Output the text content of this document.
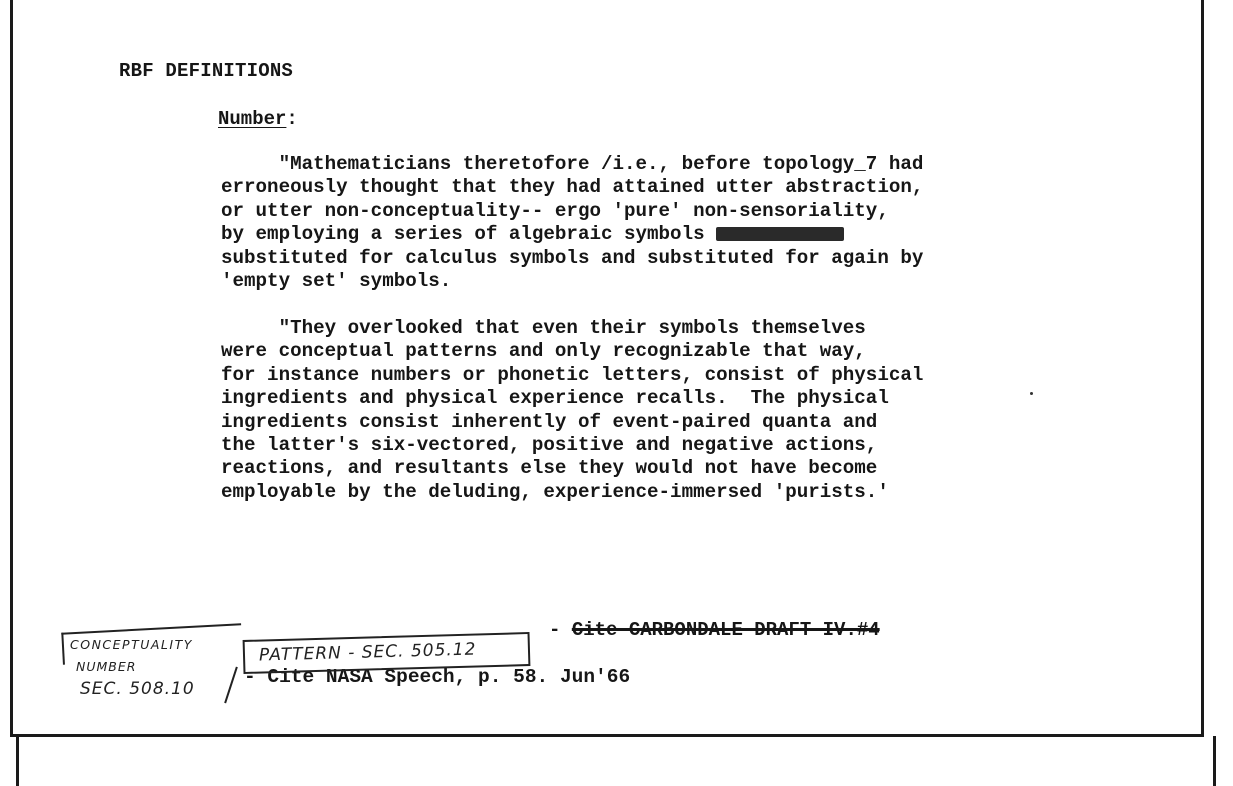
RBF DEFINITIONS

Number:

"Mathematicians theretofore /i.e., before topology_7 had
erroneously thought that they had attained utter abstraction,
or utter non-conceptuality-- ergo 'pure' non-sensoriality,
by employing a series of algebraic symbols
substituted for calculus symbols and substituted for again by
'empty set' symbols.

"They overlooked that even their symbols themselves
were conceptual patterns and only recognizable that way,
for instance numbers or phonetic letters, consist of physical
ingredients and physical experience recalls.  The physical
ingredients consist inherently of event-paired quanta and
the latter's six-vectored, positive and negative actions,
reactions, and resultants else they would not have become
employable by the deluding, experience-immersed 'purists.'

- Cite CARBONDALE DRAFT IV.#4

- Cite NASA Speech, p. 58. Jun'66

CONCEPTUALITY
NUMBER
SEC. 508.10
PATTERN - SEC. 505.12
